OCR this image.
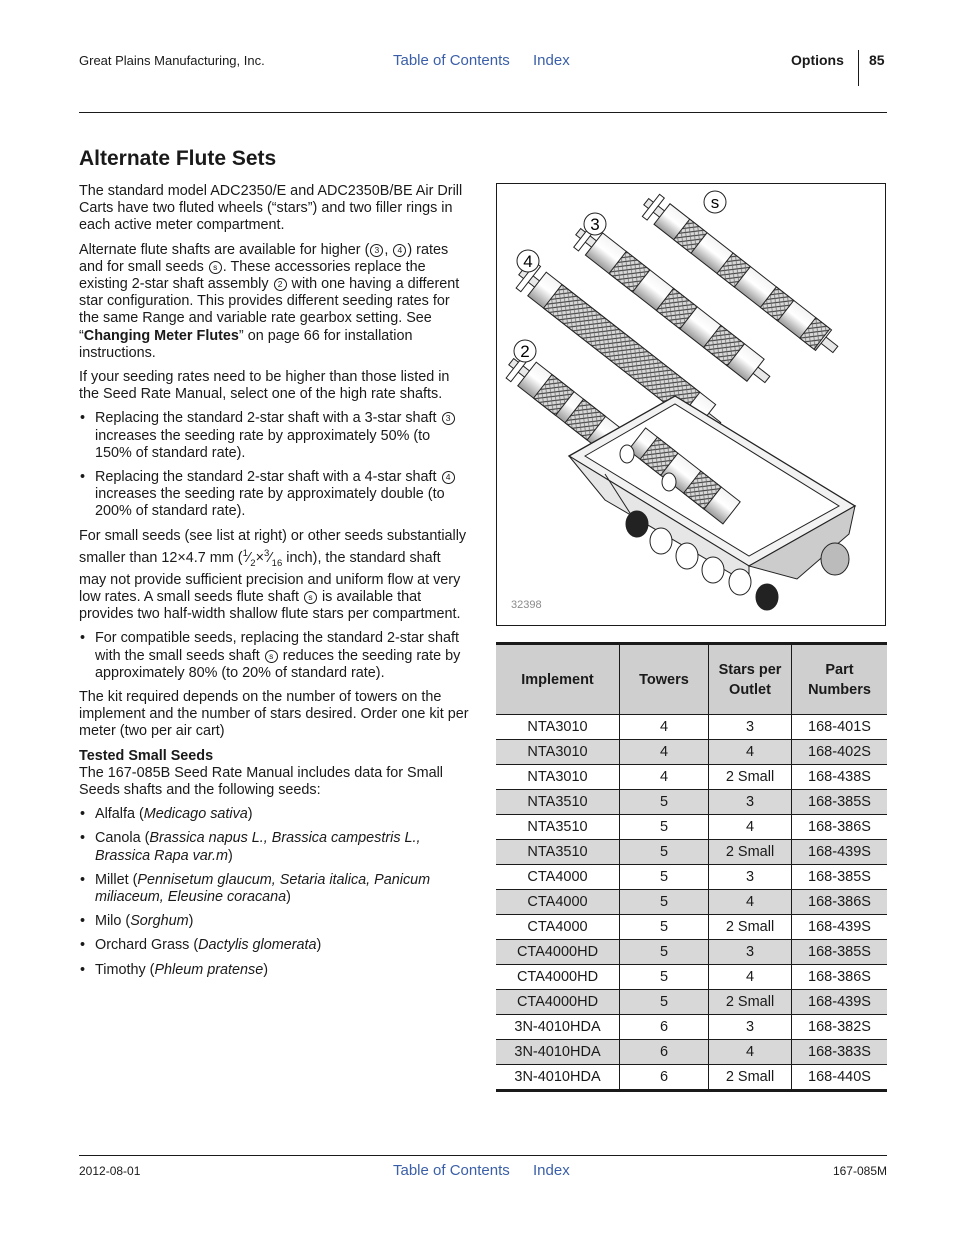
Great Plains Manufacturing, Inc.	Table of Contents Index	Options 85
Alternate Flute Sets

The standard model ADC2350/E and ADC2350B/BE Air Drill Carts have two fluted wheels (“stars”) and two filler rings in each active meter compartment.

Alternate flute shafts are available for higher ( 3 , 4 ) rates and for small seeds s . These accessories replace the existing 2-star shaft assembly 2 with one having a different star configuration. This provides different seeding rates for the same Range and variable rate gearbox setting. See “Changing Meter Flutes” on page 66 for installation instructions.

If your seeding rates need to be higher than those listed in the Seed Rate Manual, select one of the high rate shafts.

• Replacing the standard 2-star shaft with a 3-star shaft 3 increases the seeding rate by approximately 50% (to 150% of standard rate).
• Replacing the standard 2-star shaft with a 4-star shaft 4 increases the seeding rate by approximately double (to 200% of standard rate).

For small seeds (see list at right) or other seeds substantially smaller than 12×4.7 mm ($^1⁄_2\times^3⁄_{16}$ inch), the standard shaft may not provide sufficient precision and uniform flow at very low rates. A small seeds flute shaft s is available that provides two half-width shallow flute stars per compartment.

• For compatible seeds, replacing the standard 2-star shaft with the small seeds shaft s reduces the seeding rate by approximately 80% (to 20% of standard rate).

The kit required depends on the number of towers on the implement and the number of stars desired. Order one kit per meter (two per air cart)

Tested Small Seeds

The 167-085B Seed Rate Manual includes data for Small Seeds shafts and the following seeds:

• Alfalfa (Medicago sativa)
• Canola (Brassica napus L., Brassica campestris L., Brassica Rapa var.m)
• Millet (Pennisetum glaucum, Setaria italica, Panicum miliaceum, Eleusine coracana)
• Milo (Sorghum)
• Orchard Grass (Dactylis glomerata)
• Timothy (Phleum pratense)
s
3
4
2
32398
Implement	Towers	Stars per Outlet	Part Numbers
NTA3010	4	3	168-401S
NTA3010	4	4	168-402S
NTA3010	4	2 Small	168-438S
NTA3510	5	3	168-385S
NTA3510	5	4	168-386S
NTA3510	5	2 Small	168-439S
CTA4000	5	3	168-385S
CTA4000	5	4	168-386S
CTA4000	5	2 Small	168-439S
CTA4000HD	5	3	168-385S
CTA4000HD	5	4	168-386S
CTA4000HD	5	2 Small	168-439S
3N-4010HDA	6	3	168-382S
3N-4010HDA	6	4	168-383S
3N-4010HDA	6	2 Small	168-440S
2012-08-01	Table of Contents Index	167-085M
